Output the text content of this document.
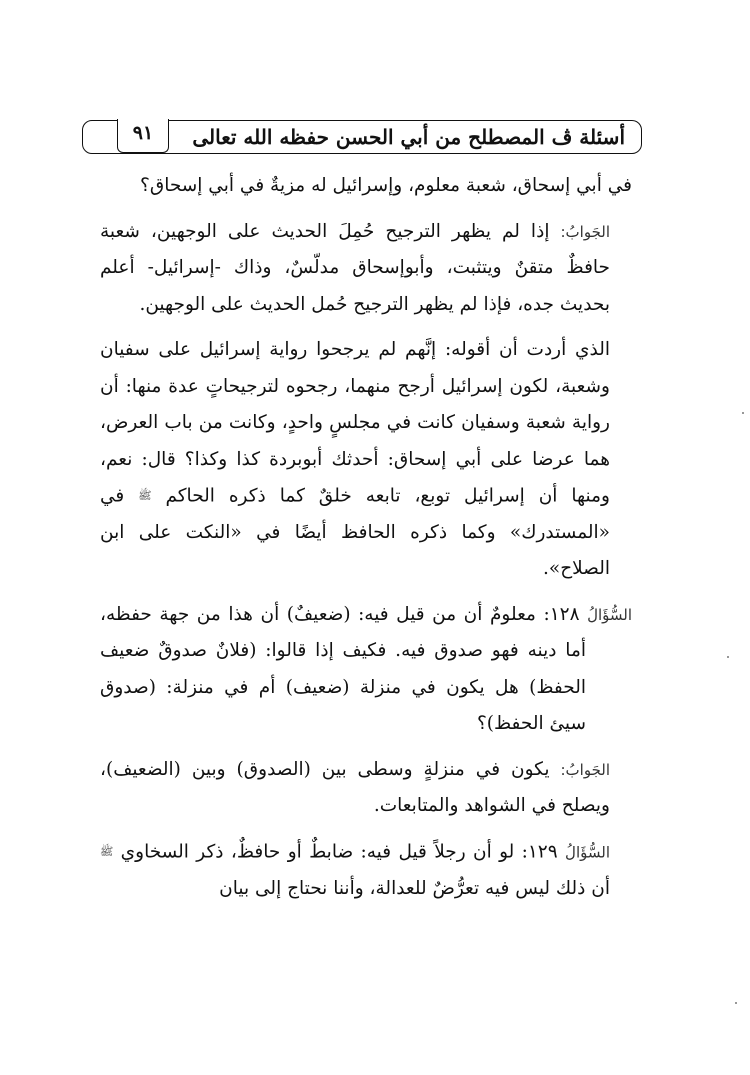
أسئلة ڤ المصطلح من أبي الحسن حفظه الله تعالى
٩١

في أبي إسحاق، شعبة معلوم، وإسرائيل له مزيةٌ في أبي إسحاق؟

الجَوابُ: إذا لم يظهر الترجيح حُمِلَ الحديث على الوجهين، شعبة حافظٌ متقنٌ ويتثبت، وأبوإسحاق مدلّسٌ، وذاك -إسرائيل- أعلم بحديث جده، فإذا لم يظهر الترجيح حُمل الحديث على الوجهين.

الذي أردت أن أقوله: إنَّهم لم يرجحوا رواية إسرائيل على سفيان وشعبة، لكون إسرائيل أرجح منهما، رجحوه لترجيحاتٍ عدة منها: أن رواية شعبة وسفيان كانت في مجلسٍ واحدٍ، وكانت من باب العرض، هما عرضا على أبي إسحاق: أحدثك أبوبردة كذا وكذا؟ قال: نعم، ومنها أن إسرائيل توبع، تابعه خلقٌ كما ذكره الحاكم ﷺ في «المستدرك» وكما ذكره الحافظ أيضًا في «النكت على ابن الصلاح».

السُّؤَالُ ١٢٨: معلومٌ أن من قيل فيه: (ضعيفٌ) أن هذا من جهة حفظه، أما دينه فهو صدوق فيه. فكيف إذا قالوا: (فلانٌ صدوقٌ ضعيف الحفظ) هل يكون في منزلة (ضعيف) أم في منزلة: (صدوق سيئ الحفظ)؟

الجَوابُ: يكون في منزلةٍ وسطى بين (الصدوق) وبين (الضعيف)، ويصلح في الشواهد والمتابعات.

السُّؤَالُ ١٢٩: لو أن رجلاً قيل فيه: ضابطٌ أو حافظٌ، ذكر السخاوي ﷺ أن ذلك ليس فيه تعرُّضٌ للعدالة، وأننا نحتاج إلى بيان
